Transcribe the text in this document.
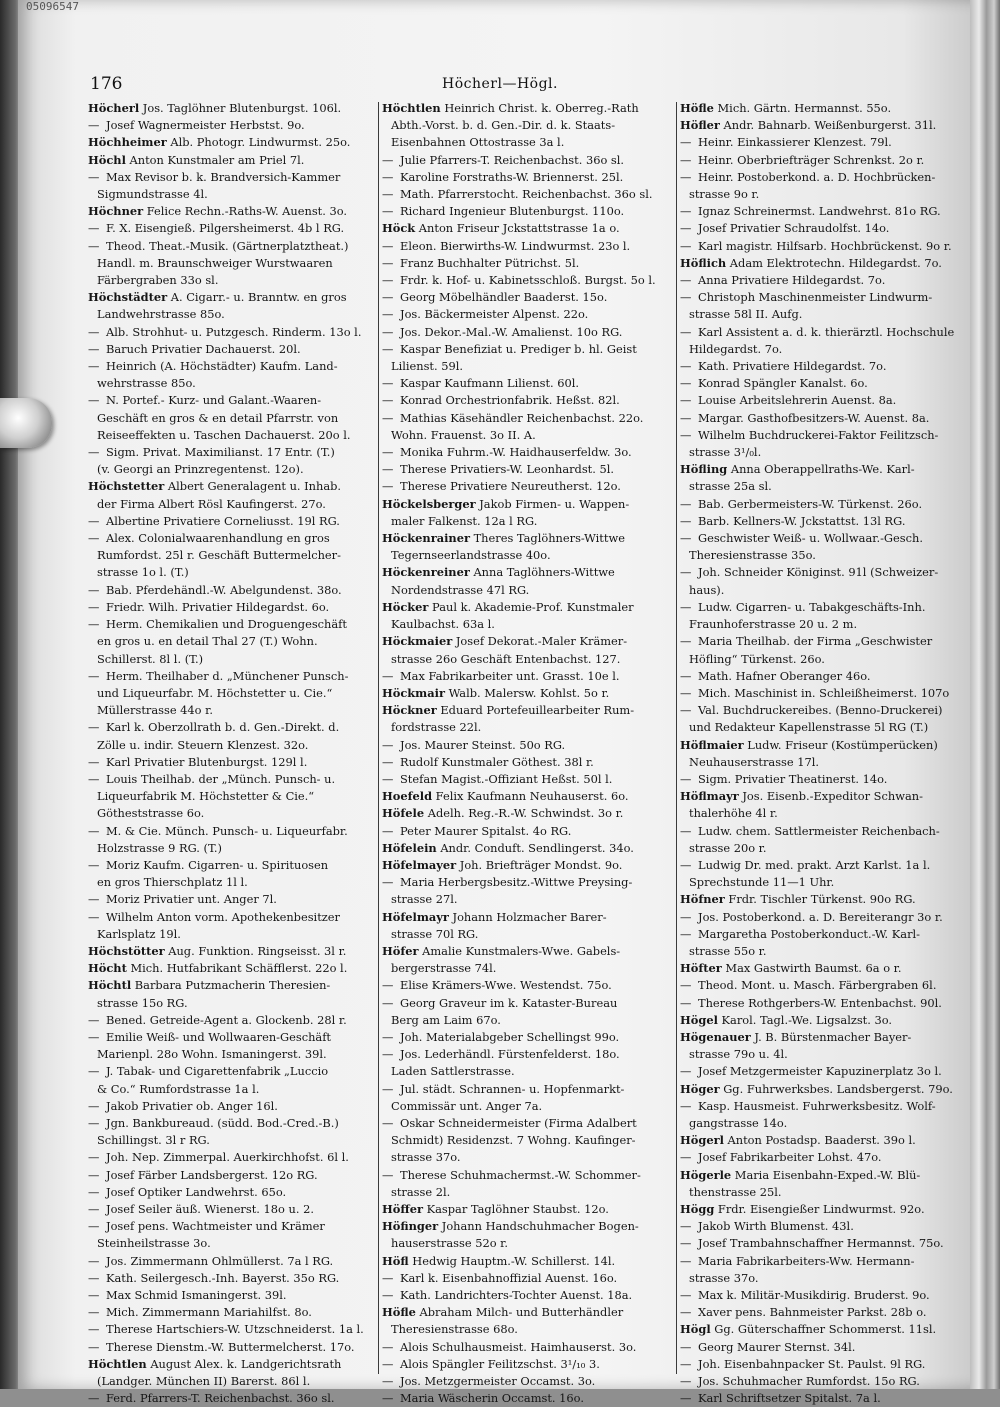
05096547
176	Höcherl—Högl.
Höcherl Jos. Taglöhner Blutenburgst. 106l.
— Josef Wagnermeister Herbstst. 9o.
Höchheimer Alb. Photogr. Lindwurmst. 25o.
Höchl Anton Kunstmaler am Priel 7l.
— Max Revisor b. k. Brandversich-Kammer
Sigmundstrasse 4l.
Höchner Felice Rechn.-Raths-W. Auenst. 3o.
— F. X. Eisengieß. Pilgersheimerst. 4b l RG.
— Theod. Theat.-Musik. (Gärtnerplatztheat.)
Handl. m. Braunschweiger Wurstwaaren
Färbergraben 33o sl.
Höchstädter A. Cigarr.- u. Branntw. en gros
Landwehrstrasse 85o.
— Alb. Strohhut- u. Putzgesch. Rinderm. 13o l.
— Baruch Privatier Dachauerst. 20l.
— Heinrich (A. Höchstädter) Kaufm. Land-
wehrstrasse 85o.
— N. Portef.- Kurz- und Galant.-Waaren-
Geschäft en gros & en detail Pfarrstr. von
Reiseeffekten u. Taschen Dachauerst. 20o l.
— Sigm. Privat. Maximilianst. 17 Entr. (T.)
(v. Georgi an Prinzregentenst. 12o).
Höchstetter Albert Generalagent u. Inhab.
der Firma Albert Rösl Kaufingerst. 27o.
— Albertine Privatiere Corneliusst. 19l RG.
— Alex. Colonialwaarenhandlung en gros
Rumfordst. 25l r. Geschäft Buttermelcher-
strasse 1o l. (T.)
— Bab. Pferdehändl.-W. Abelgundenst. 38o.
— Friedr. Wilh. Privatier Hildegardst. 6o.
— Herm. Chemikalien und Droguengeschäft
en gros u. en detail Thal 27 (T.) Wohn.
Schillerst. 8l l. (T.)
— Herm. Theilhaber d. „Münchener Punsch-
und Liqueurfabr. M. Höchstetter u. Cie.“
Müllerstrasse 44o r.
— Karl k. Oberzollrath b. d. Gen.-Direkt. d.
Zölle u. indir. Steuern Klenzest. 32o.
— Karl Privatier Blutenburgst. 129l l.
— Louis Theilhab. der „Münch. Punsch- u.
Liqueurfabrik M. Höchstetter & Cie.“
Götheststrasse 6o.
— M. & Cie. Münch. Punsch- u. Liqueurfabr.
Holzstrasse 9 RG. (T.)
— Moriz Kaufm. Cigarren- u. Spirituosen
en gros Thierschplatz 1l l.
— Moriz Privatier unt. Anger 7l.
— Wilhelm Anton vorm. Apothekenbesitzer
Karlsplatz 19l.
Höchstötter Aug. Funktion. Ringseisst. 3l r.
Höcht Mich. Hutfabrikant Schäfflerst. 22o l.
Höchtl Barbara Putzmacherin Theresien-
strasse 15o RG.
— Bened. Getreide-Agent a. Glockenb. 28l r.
— Emilie Weiß- und Wollwaaren-Geschäft
Marienpl. 28o Wohn. Ismaningerst. 39l.
— J. Tabak- und Cigarettenfabrik „Luccio
& Co.“ Rumfordstrasse 1a l.
— Jakob Privatier ob. Anger 16l.
— Jgn. Bankbureaud. (südd. Bod.-Cred.-B.)
Schillingst. 3l r RG.
— Joh. Nep. Zimmerpal. Auerkirchhofst. 6l l.
— Josef Färber Landsbergerst. 12o RG.
— Josef Optiker Landwehrst. 65o.
— Josef Seiler äuß. Wienerst. 18o u. 2.
— Josef pens. Wachtmeister und Krämer
Steinheilstrasse 3o.
— Jos. Zimmermann Ohlmüllerst. 7a l RG.
— Kath. Seilergesch.-Inh. Bayerst. 35o RG.
— Max Schmid Ismaningerst. 39l.
— Mich. Zimmermann Mariahilfst. 8o.
— Therese Hartschiers-W. Utzschneiderst. 1a l.
— Therese Dienstm.-W. Buttermelcherst. 17o.
Höchtlen August Alex. k. Landgerichtsrath
(Landger. München II) Barerst. 86l l.
— Ferd. Pfarrers-T. Reichenbachst. 36o sl.
Höchtlen Heinrich Christ. k. Oberreg.-Rath
Abth.-Vorst. b. d. Gen.-Dir. d. k. Staats-
Eisenbahnen Ottostrasse 3a l.
— Julie Pfarrers-T. Reichenbachst. 36o sl.
— Karoline Forstraths-W. Briennerst. 25l.
— Math. Pfarrerstocht. Reichenbachst. 36o sl.
— Richard Ingenieur Blutenburgst. 110o.
Höck Anton Friseur Jckstattstrasse 1a o.
— Eleon. Bierwirths-W. Lindwurmst. 23o l.
— Franz Buchhalter Pütrichst. 5l.
— Frdr. k. Hof- u. Kabinetsschloß. Burgst. 5o l.
— Georg Möbelhändler Baaderst. 15o.
— Jos. Bäckermeister Alpenst. 22o.
— Jos. Dekor.-Mal.-W. Amalienst. 10o RG.
— Kaspar Benefiziat u. Prediger b. hl. Geist
Lilienst. 59l.
— Kaspar Kaufmann Lilienst. 60l.
— Konrad Orchestrionfabrik. Heßst. 82l.
— Mathias Käsehändler Reichenbachst. 22o.
Wohn. Frauenst. 3o II. A.
— Monika Fuhrm.-W. Haidhauserfeldw. 3o.
— Therese Privatiers-W. Leonhardst. 5l.
— Therese Privatiere Neureutherst. 12o.
Höckelsberger Jakob Firmen- u. Wappen-
maler Falkenst. 12a l RG.
Höckenrainer Theres Taglöhners-Wittwe
Tegernseerlandstrasse 40o.
Höckenreiner Anna Taglöhners-Wittwe
Nordendstrasse 47l RG.
Höcker Paul k. Akademie-Prof. Kunstmaler
Kaulbachst. 63a l.
Höckmaier Josef Dekorat.-Maler Krämer-
strasse 26o Geschäft Entenbachst. 127.
— Max Fabrikarbeiter unt. Grasst. 10e l.
Höckmair Walb. Malersw. Kohlst. 5o r.
Höckner Eduard Portefeuillearbeiter Rum-
fordstrasse 22l.
— Jos. Maurer Steinst. 50o RG.
— Rudolf Kunstmaler Göthest. 38l r.
— Stefan Magist.-Offiziant Heßst. 50l l.
Hoefeld Felix Kaufmann Neuhauserst. 6o.
Höfele Adelh. Reg.-R.-W. Schwindst. 3o r.
— Peter Maurer Spitalst. 4o RG.
Höfelein Andr. Conduft. Sendlingerst. 34o.
Höfelmayer Joh. Briefträger Mondst. 9o.
— Maria Herbergsbesitz.-Wittwe Preysing-
strasse 27l.
Höfelmayr Johann Holzmacher Barer-
strasse 70l RG.
Höfer Amalie Kunstmalers-Wwe. Gabels-
bergerstrasse 74l.
— Elise Krämers-Wwe. Westendst. 75o.
— Georg Graveur im k. Kataster-Bureau
Berg am Laim 67o.
— Joh. Materialabgeber Schellingst 99o.
— Jos. Lederhändl. Fürstenfelderst. 18o.
Laden Sattlerstrasse.
— Jul. städt. Schrannen- u. Hopfenmarkt-
Commissär unt. Anger 7a.
— Oskar Schneidermeister (Firma Adalbert
Schmidt) Residenzst. 7 Wohng. Kaufinger-
strasse 37o.
— Therese Schuhmachermst.-W. Schommer-
strasse 2l.
Höffer Kaspar Taglöhner Staubst. 12o.
Höfinger Johann Handschuhmacher Bogen-
hauserstrasse 52o r.
Höfl Hedwig Hauptm.-W. Schillerst. 14l.
— Karl k. Eisenbahnoffizial Auenst. 16o.
— Kath. Landrichters-Tochter Auenst. 18a.
Höfle Abraham Milch- und Butterhändler
Theresienstrasse 68o.
— Alois Schulhausmeist. Haimhauserst. 3o.
— Alois Spängler Feilitzschst. 3¹/₁₀ 3.
— Jos. Metzgermeister Occamst. 3o.
— Maria Wäscherin Occamst. 16o.
Höfle Mich. Gärtn. Hermannst. 55o.
Höfler Andr. Bahnarb. Weißenburgerst. 31l.
— Heinr. Einkassierer Klenzest. 79l.
— Heinr. Oberbriefträger Schrenkst. 2o r.
— Heinr. Postoberkond. a. D. Hochbrücken-
strasse 9o r.
— Ignaz Schreinermst. Landwehrst. 81o RG.
— Josef Privatier Schraudolfst. 14o.
— Karl magistr. Hilfsarb. Hochbrückenst. 9o r.
Höflich Adam Elektrotechn. Hildegardst. 7o.
— Anna Privatiere Hildegardst. 7o.
— Christoph Maschinenmeister Lindwurm-
strasse 58l II. Aufg.
— Karl Assistent a. d. k. thierärztl. Hochschule
Hildegardst. 7o.
— Kath. Privatiere Hildegardst. 7o.
— Konrad Spängler Kanalst. 6o.
— Louise Arbeitslehrerin Auenst. 8a.
— Margar. Gasthofbesitzers-W. Auenst. 8a.
— Wilhelm Buchdruckerei-Faktor Feilitzsch-
strasse 3¹/₀l.
Höfling Anna Oberappellraths-We. Karl-
strasse 25a sl.
— Bab. Gerbermeisters-W. Türkenst. 26o.
— Barb. Kellners-W. Jckstattst. 13l RG.
— Geschwister Weiß- u. Wollwaar.-Gesch.
Theresienstrasse 35o.
— Joh. Schneider Königinst. 91l (Schweizer-
haus).
— Ludw. Cigarren- u. Tabakgeschäfts-Inh.
Fraunhoferstrasse 20 u. 2 m.
— Maria Theilhab. der Firma „Geschwister
Höfling“ Türkenst. 26o.
— Math. Hafner Oberanger 46o.
— Mich. Maschinist in. Schleißheimerst. 107o
— Val. Buchdruckereibes. (Benno-Druckerei)
und Redakteur Kapellenstrasse 5l RG (T.)
Höflmaier Ludw. Friseur (Kostümperücken)
Neuhauserstrasse 17l.
— Sigm. Privatier Theatinerst. 14o.
Höflmayr Jos. Eisenb.-Expeditor Schwan-
thalerhöhe 4l r.
— Ludw. chem. Sattlermeister Reichenbach-
strasse 20o r.
— Ludwig Dr. med. prakt. Arzt Karlst. 1a l.
Sprechstunde 11—1 Uhr.
Höfner Frdr. Tischler Türkenst. 90o RG.
— Jos. Postoberkond. a. D. Bereiterangr 3o r.
— Margaretha Postoberkonduct.-W. Karl-
strasse 55o r.
Höfter Max Gastwirth Baumst. 6a o r.
— Theod. Mont. u. Masch. Färbergraben 6l.
— Therese Rothgerbers-W. Entenbachst. 90l.
Högel Karol. Tagl.-We. Ligsalzst. 3o.
Högenauer J. B. Bürstenmacher Bayer-
strasse 79o u. 4l.
— Josef Metzgermeister Kapuzinerplatz 3o l.
Höger Gg. Fuhrwerksbes. Landsbergerst. 79o.
— Kasp. Hausmeist. Fuhrwerksbesitz. Wolf-
gangstrasse 14o.
Högerl Anton Postadsp. Baaderst. 39o l.
— Josef Fabrikarbeiter Lohst. 47o.
Högerle Maria Eisenbahn-Exped.-W. Blü-
thenstrasse 25l.
Högg Frdr. Eisengießer Lindwurmst. 92o.
— Jakob Wirth Blumenst. 43l.
— Josef Trambahnschaffner Hermannst. 75o.
— Maria Fabrikarbeiters-Ww. Hermann-
strasse 37o.
— Max k. Militär-Musikdirig. Bruderst. 9o.
— Xaver pens. Bahnmeister Parkst. 28b o.
Högl Gg. Güterschaffner Schommerst. 11sl.
— Georg Maurer Sternst. 34l.
— Joh. Eisenbahnpacker St. Paulst. 9l RG.
— Jos. Schuhmacher Rumfordst. 15o RG.
— Karl Schriftsetzer Spitalst. 7a l.
